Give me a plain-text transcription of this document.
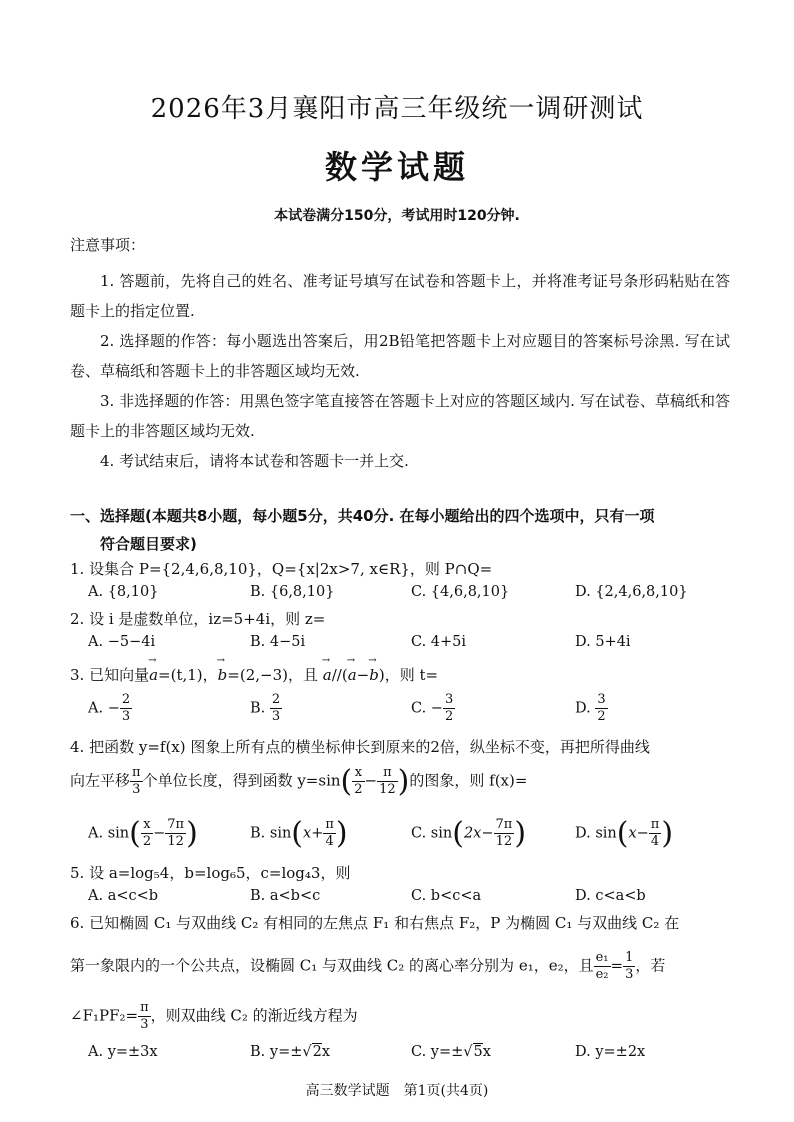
2026年3月襄阳市高三年级统一调研测试
数学试题
本试卷满分150分，考试用时120分钟.
注意事项：

1. 答题前，先将自己的姓名、准考证号填写在试卷和答题卡上，并将准考证号条形码粘贴在答题卡上的指定位置.

2. 选择题的作答：每小题选出答案后，用2B铅笔把答题卡上对应题目的答案标号涂黑. 写在试卷、草稿纸和答题卡上的非答题区域均无效.

3. 非选择题的作答：用黑色签字笔直接答在答题卡上对应的答题区域内. 写在试卷、草稿纸和答题卡上的非答题区域均无效.

4. 考试结束后，请将本试卷和答题卡一并上交.

一、选择题(本题共8小题，每小题5分，共40分. 在每小题给出的四个选项中，只有一项
符合题目要求)
1. 设集合 P={2,4,6,8,10}，Q={x|2x>7, x∈R}，则 P∩Q=
A. {8,10}	B. {6,8,10}	C. {4,6,8,10}	D. {2,4,6,8,10}
2. 设 i 是虚数单位，iz=5+4i，则 z=
A. −5−4i	B. 4−5i	C. 4+5i	D. 5+4i
3. 已知向量→ a=(t,1)，→ b=(2,−3)，且 → a//(→ a−→ b)，则 t=
A. − $\frac{2}{3}$	B. $\frac{2}{3}$	C. − $\frac{3}{2}$	D. $\frac{3}{2}$
4. 把函数 y=f(x) 图象上所有点的横坐标伸长到原来的2倍，纵坐标不变，再把所得曲线
向左平移 $\frac{\pi}{3}$ 个单位长度，得到函数 $y=\sin( \frac{x}{2} - \frac{\pi}{12}$ )的图象，则 f(x)=
A. $\sin( \frac{x}{2} - \frac{7\pi}{12}$ )	B. $\sin(x+ \frac{\pi}{4}$ )	C. $\sin(2x- \frac{7\pi}{12}$ )	D. $\sin(x- \frac{\pi}{4}$ )
5. 设 a=log₅4，b=log₆5，c=log₄3，则
A. a<c<b	B. a<b<c	C. b<c<a	D. c<a<b
6. 已知椭圆 C₁ 与双曲线 C₂ 有相同的左焦点 F₁ 和右焦点 F₂，P 为椭圆 C₁ 与双曲线 C₂ 在
第一象限内的一个公共点，设椭圆 C₁ 与双曲线 C₂ 的离心率分别为 e₁，e₂，且 $\frac{\text{e₁}}{\text{e₂}} = \frac{1}{3}$ ，若
∠F₁PF₂= $\frac{\pi}{3}$ ，则双曲线 C₂ 的渐近线方程为
A. y=±3x	B. y=±√2x	C. y=±√5x	D. y=±2x
高三数学试题　第1页(共4页)
